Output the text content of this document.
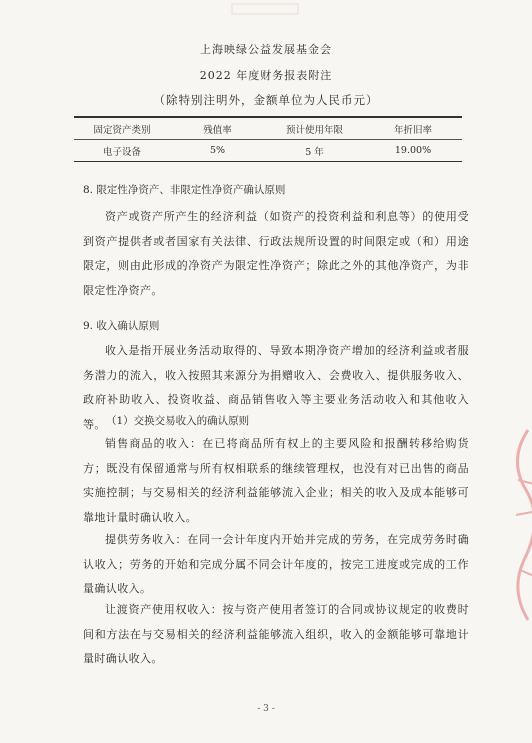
上海映绿公益发展基金会
2022 年度财务报表附注
（除特别注明外，金额单位为人民币元）
固定资产类别	残值率	预计使用年限	年折旧率
电子设备	5%	5 年	19.00%
8. 限定性净资产、非限定性净资产确认原则
资产或资产所产生的经济利益（如资产的投资利益和利息等）的使用受到资产提供者或者国家有关法律、行政法规所设置的时间限定或（和）用途限定，则由此形成的净资产为限定性净资产；除此之外的其他净资产，为非限定性净资产。
9. 收入确认原则
收入是指开展业务活动取得的、导致本期净资产增加的经济利益或者服务潜力的流入，收入按照其来源分为捐赠收入、会费收入、提供服务收入、政府补助收入、投资收益、商品销售收入等主要业务活动收入和其他收入等。 （1）交换交易收入的确认原则
销售商品的收入：在已将商品所有权上的主要风险和报酬转移给购货方；既没有保留通常与所有权相联系的继续管理权，也没有对已出售的商品实施控制；与交易相关的经济利益能够流入企业；相关的收入及成本能够可靠地计量时确认收入。
提供劳务收入：在同一会计年度内开始并完成的劳务，在完成劳务时确认收入；劳务的开始和完成分属不同会计年度的，按完工进度或完成的工作量确认收入。
让渡资产使用权收入：按与资产使用者签订的合同或协议规定的收费时间和方法在与交易相关的经济利益能够流入组织，收入的金额能够可靠地计量时确认收入。
- 3 -
